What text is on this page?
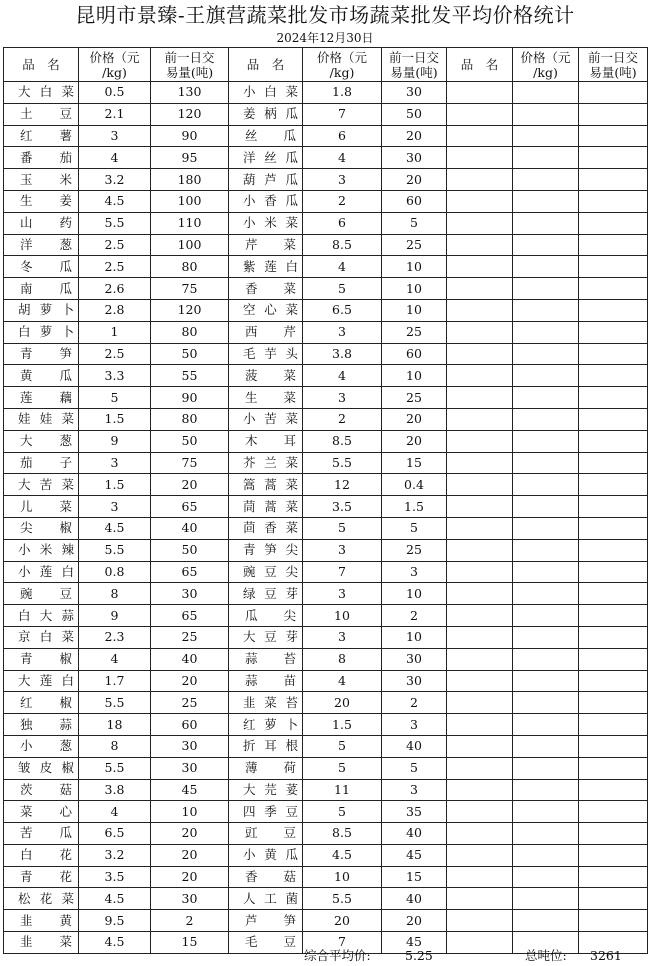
昆明市景臻-王旗营蔬菜批发市场蔬菜批发平均价格统计
2024年12月30日
品　名	价格（元
/kg)	前一日交
易量(吨)	品　名	价格（元
/kg)	前一日交
易量(吨)	品　名	价格（元
/kg)	前一日交
易量(吨)

大白菜	0.5	130	小白菜	1.8	30			
土豆	2.1	120	姜柄瓜	7	50			
红薯	3	90	丝瓜	6	20			
番茄	4	95	洋丝瓜	4	30			
玉米	3.2	180	葫芦瓜	3	20			
生姜	4.5	100	小香瓜	2	60			
山药	5.5	110	小米菜	6	5			
洋葱	2.5	100	芹菜	8.5	25			
冬瓜	2.5	80	紫莲白	4	10			
南瓜	2.6	75	香菜	5	10			
胡萝卜	2.8	120	空心菜	6.5	10			
白萝卜	1	80	西芹	3	25			
青笋	2.5	50	毛芋头	3.8	60			
黄瓜	3.3	55	菠菜	4	10			
莲藕	5	90	生菜	3	25			
娃娃菜	1.5	80	小苦菜	2	20			
大葱	9	50	木耳	8.5	20			
茄子	3	75	芥兰菜	5.5	15			
大苦菜	1.5	20	篙蒿菜	12	0.4			
儿菜	3	65	茼蒿菜	3.5	1.5			
尖椒	4.5	40	茴香菜	5	5			
小米辣	5.5	50	青笋尖	3	25			
小莲白	0.8	65	豌豆尖	7	3			
豌豆	8	30	绿豆芽	3	10			
白大蒜	9	65	瓜尖	10	2			
京白菜	2.3	25	大豆芽	3	10			
青椒	4	40	蒜苔	8	30			
大莲白	1.7	20	蒜苗	4	30			
红椒	5.5	25	韭菜苔	20	2			
独蒜	18	60	红萝卜	1.5	3			
小葱	8	30	折耳根	5	40			
皱皮椒	5.5	30	薄荷	5	5			
茨菇	3.8	45	大芫荽	11	3			
菜心	4	10	四季豆	5	35			
苦瓜	6.5	20	豇豆	8.5	40			
白花	3.2	20	小黄瓜	4.5	45			
青花	3.5	20	香菇	10	15			
松花菜	4.5	30	人工菌	5.5	40			
韭黄	9.5	2	芦笋	20	20			
韭菜	4.5	15	毛豆	7	45			
综合平均价:	5.25	总吨位: 3261
